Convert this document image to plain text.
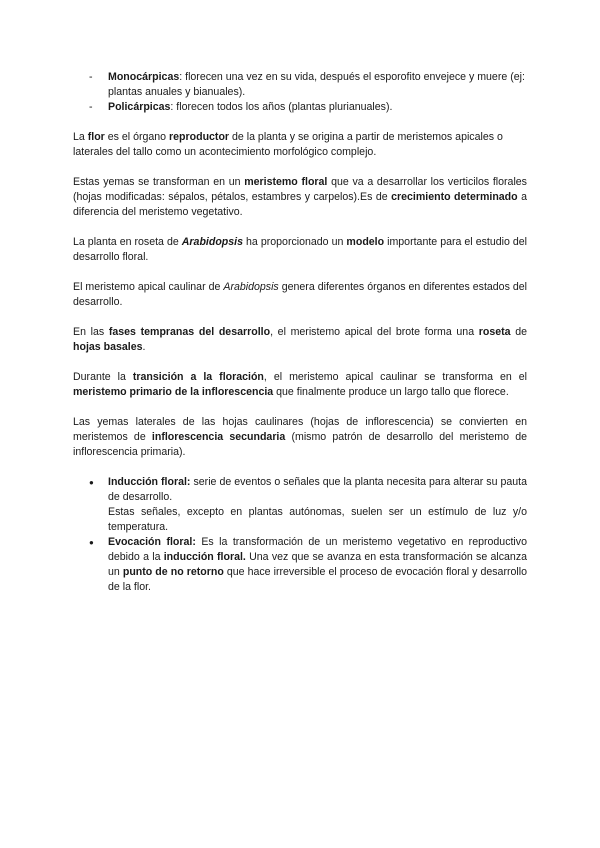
- Monocárpicas: florecen una vez en su vida, después el esporofito envejece y muere (ej: plantas anuales y bianuales).
- Policárpicas: florecen todos los años (plantas plurianuales).

La flor es el órgano reproductor de la planta y se origina a partir de meristemos apicales o laterales del tallo como un acontecimiento morfológico complejo.

Estas yemas se transforman en un meristemo floral que va a desarrollar los verticilos florales (hojas modificadas: sépalos, pétalos, estambres y carpelos).Es de crecimiento determinado a diferencia del meristemo vegetativo.

La planta en roseta de Arabidopsis ha proporcionado un modelo importante para el estudio del desarrollo floral.

El meristemo apical caulinar de Arabidopsis genera diferentes órganos en diferentes estados del desarrollo.

En las fases tempranas del desarrollo, el meristemo apical del brote forma una roseta de hojas basales.

Durante la transición a la floración, el meristemo apical caulinar se transforma en el meristemo primario de la inflorescencia que finalmente produce un largo tallo que florece.

Las yemas laterales de las hojas caulinares (hojas de inflorescencia) se convierten en meristemos de inflorescencia secundaria (mismo patrón de desarrollo del meristemo de inflorescencia primaria).

● Inducción floral: serie de eventos o señales que la planta necesita para alterar su pauta de desarrollo.
Estas señales, excepto en plantas autónomas, suelen ser un estímulo de luz y/o temperatura.
● Evocación floral: Es la transformación de un meristemo vegetativo en reproductivo debido a la inducción floral. Una vez que se avanza en esta transformación se alcanza un punto de no retorno que hace irreversible el proceso de evocación floral y desarrollo de la flor.
